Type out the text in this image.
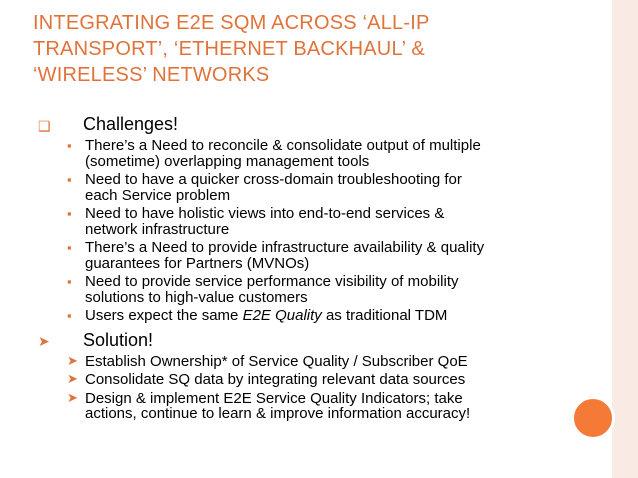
INTEGRATING E2E SQM ACROSS ‘ALL-IP
TRANSPORT’, ‘ETHERNET BACKHAUL’ &
‘WIRELESS’ NETWORKS

❑ Challenges!

▪ There’s a Need to reconcile & consolidate output of multiple
(sometime) overlapping management tools

▪ Need to have a quicker cross-domain troubleshooting for
each Service problem

▪ Need to have holistic views into end-to-end services &
network infrastructure

▪ There’s a Need to provide infrastructure availability & quality
guarantees for Partners (MVNOs)

▪ Need to provide service performance visibility of mobility
solutions to high-value customers

▪ Users expect the same E2E Quality as traditional TDM

➤ Solution!

➤ Establish Ownership* of Service Quality / Subscriber QoE

➤ Consolidate SQ data by integrating relevant data sources

➤ Design & implement E2E Service Quality Indicators; take
actions, continue to learn & improve information accuracy!
